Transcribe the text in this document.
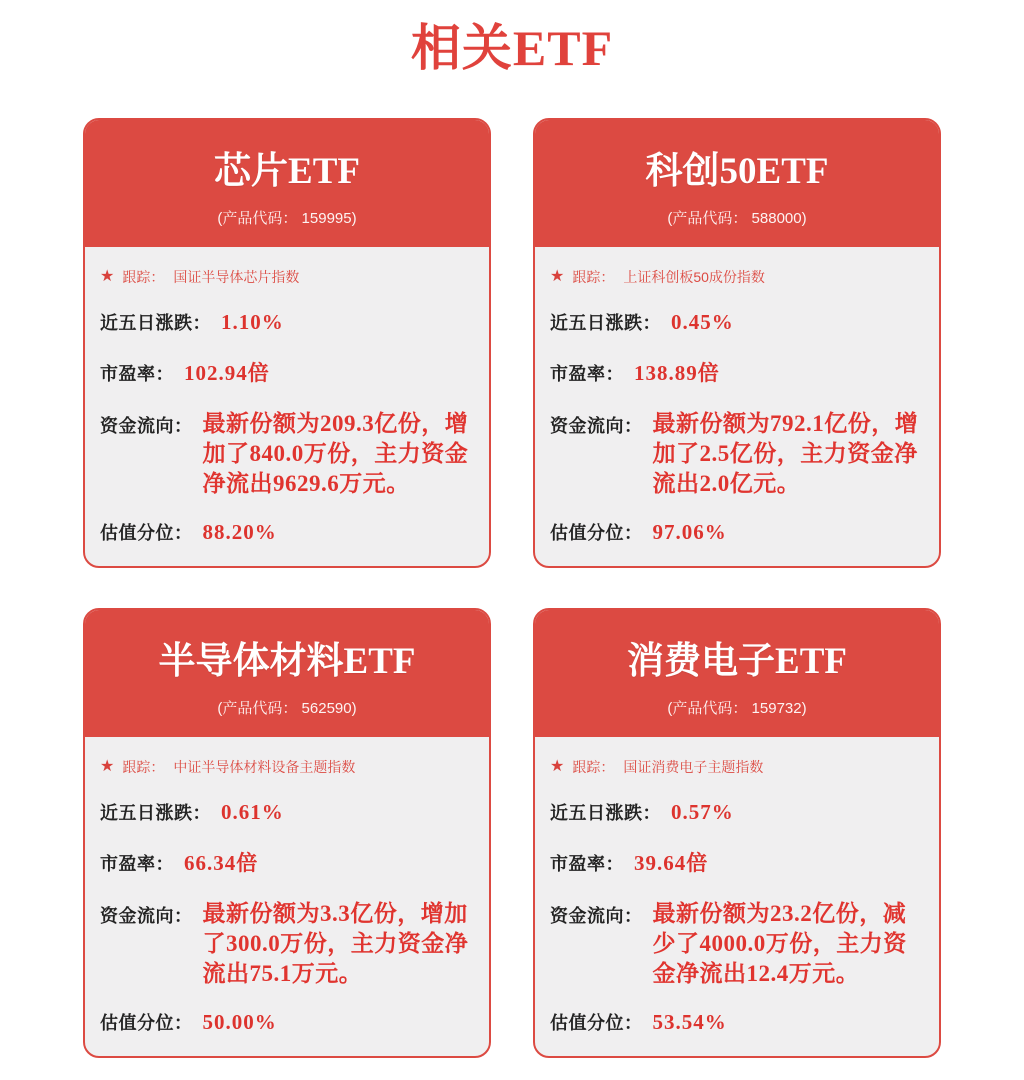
相关ETF
芯片ETF
(产品代码： 159995)
★ 跟踪： 国证半导体芯片指数
近五日涨跌： 1.10%
市盈率： 102.94倍
资金流向： 最新份额为209.3亿份，增加了840.0万份，主力资金净流出9629.6万元。
估值分位： 88.20%
科创50ETF
(产品代码： 588000)
★ 跟踪： 上证科创板50成份指数
近五日涨跌： 0.45%
市盈率： 138.89倍
资金流向： 最新份额为792.1亿份，增加了2.5亿份，主力资金净流出2.0亿元。
估值分位： 97.06%
半导体材料ETF
(产品代码： 562590)
★ 跟踪： 中证半导体材料设备主题指数
近五日涨跌： 0.61%
市盈率： 66.34倍
资金流向： 最新份额为3.3亿份，增加了300.0万份，主力资金净流出75.1万元。
估值分位： 50.00%
消费电子ETF
(产品代码： 159732)
★ 跟踪： 国证消费电子主题指数
近五日涨跌： 0.57%
市盈率： 39.64倍
资金流向： 最新份额为23.2亿份，减少了4000.0万份，主力资金净流出12.4万元。
估值分位： 53.54%
